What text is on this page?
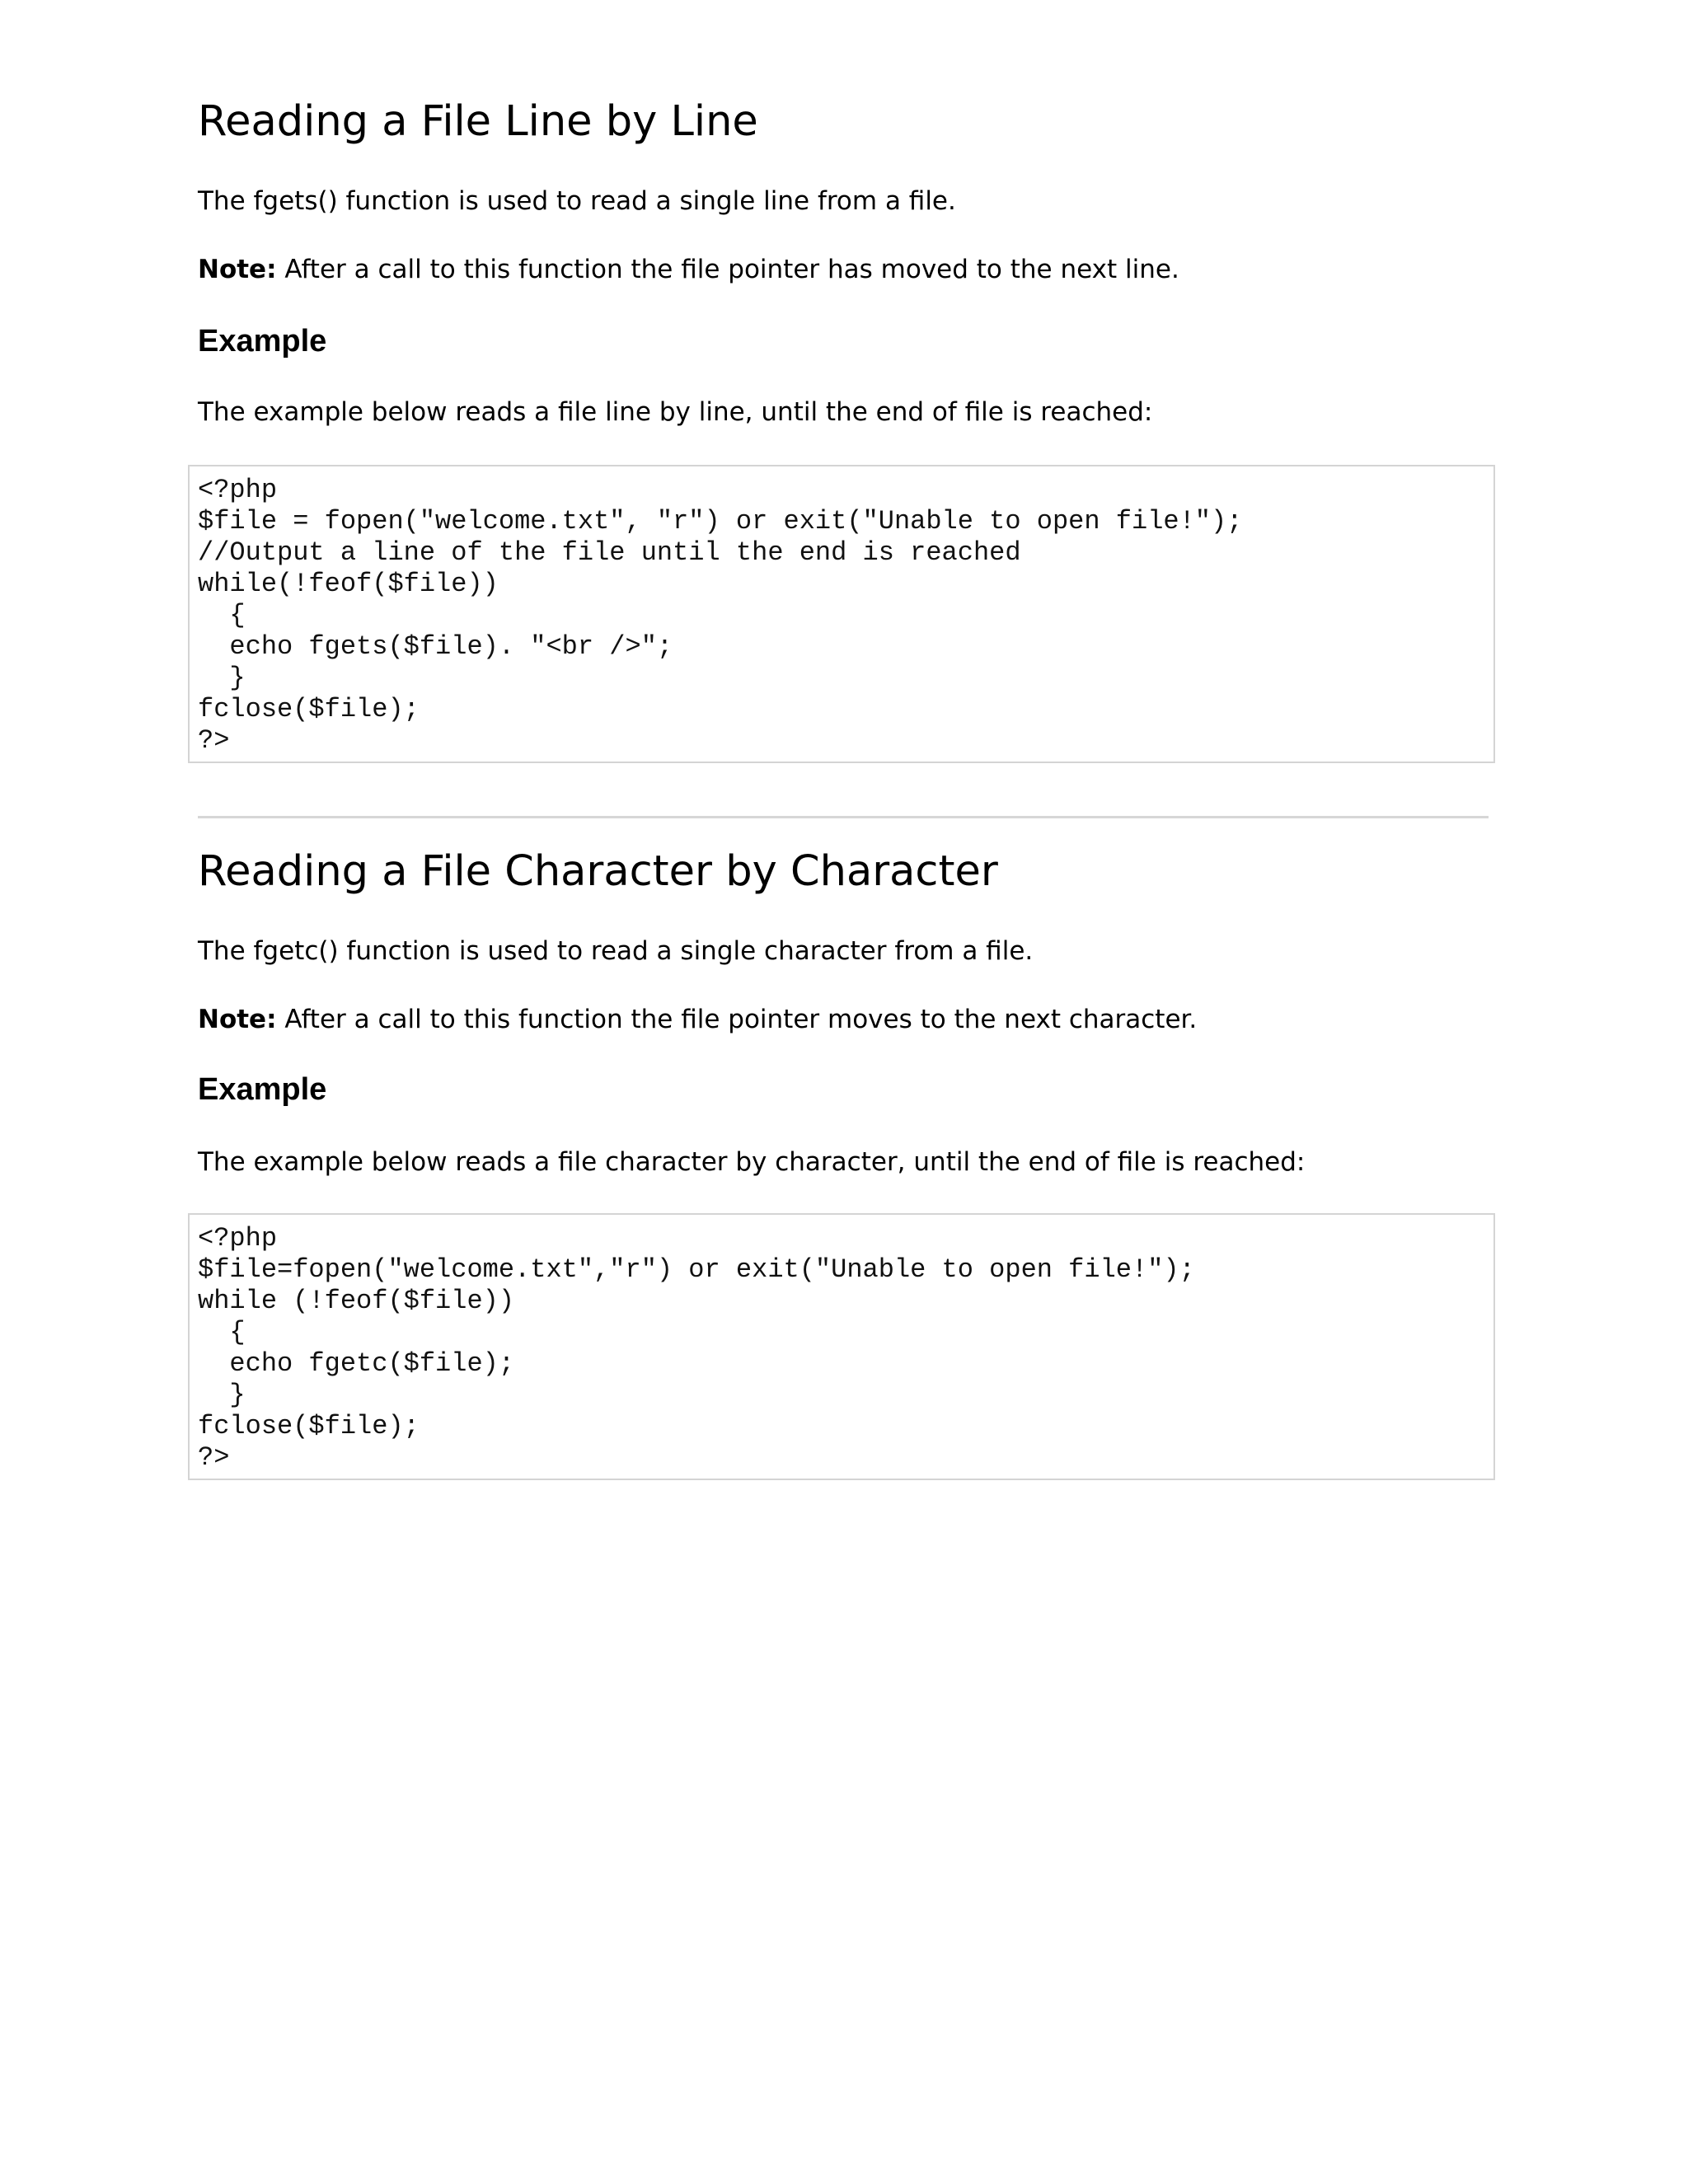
Reading a File Line by Line

The fgets() function is used to read a single line from a file.

Note: After a call to this function the file pointer has moved to the next line.

Example

The example below reads a file line by line, until the end of file is reached:

<?php
$file = fopen("welcome.txt", "r") or exit("Unable to open file!");
//Output a line of the file until the end is reached
while(!feof($file))
{
echo fgets($file). "<br />";
}
fclose($file);
?>
Reading a File Character by Character

The fgetc() function is used to read a single character from a file.

Note: After a call to this function the file pointer moves to the next character.

Example

The example below reads a file character by character, until the end of file is reached:

<?php
$file=fopen("welcome.txt","r") or exit("Unable to open file!");
while (!feof($file))
{
echo fgetc($file);
}
fclose($file);
?>
